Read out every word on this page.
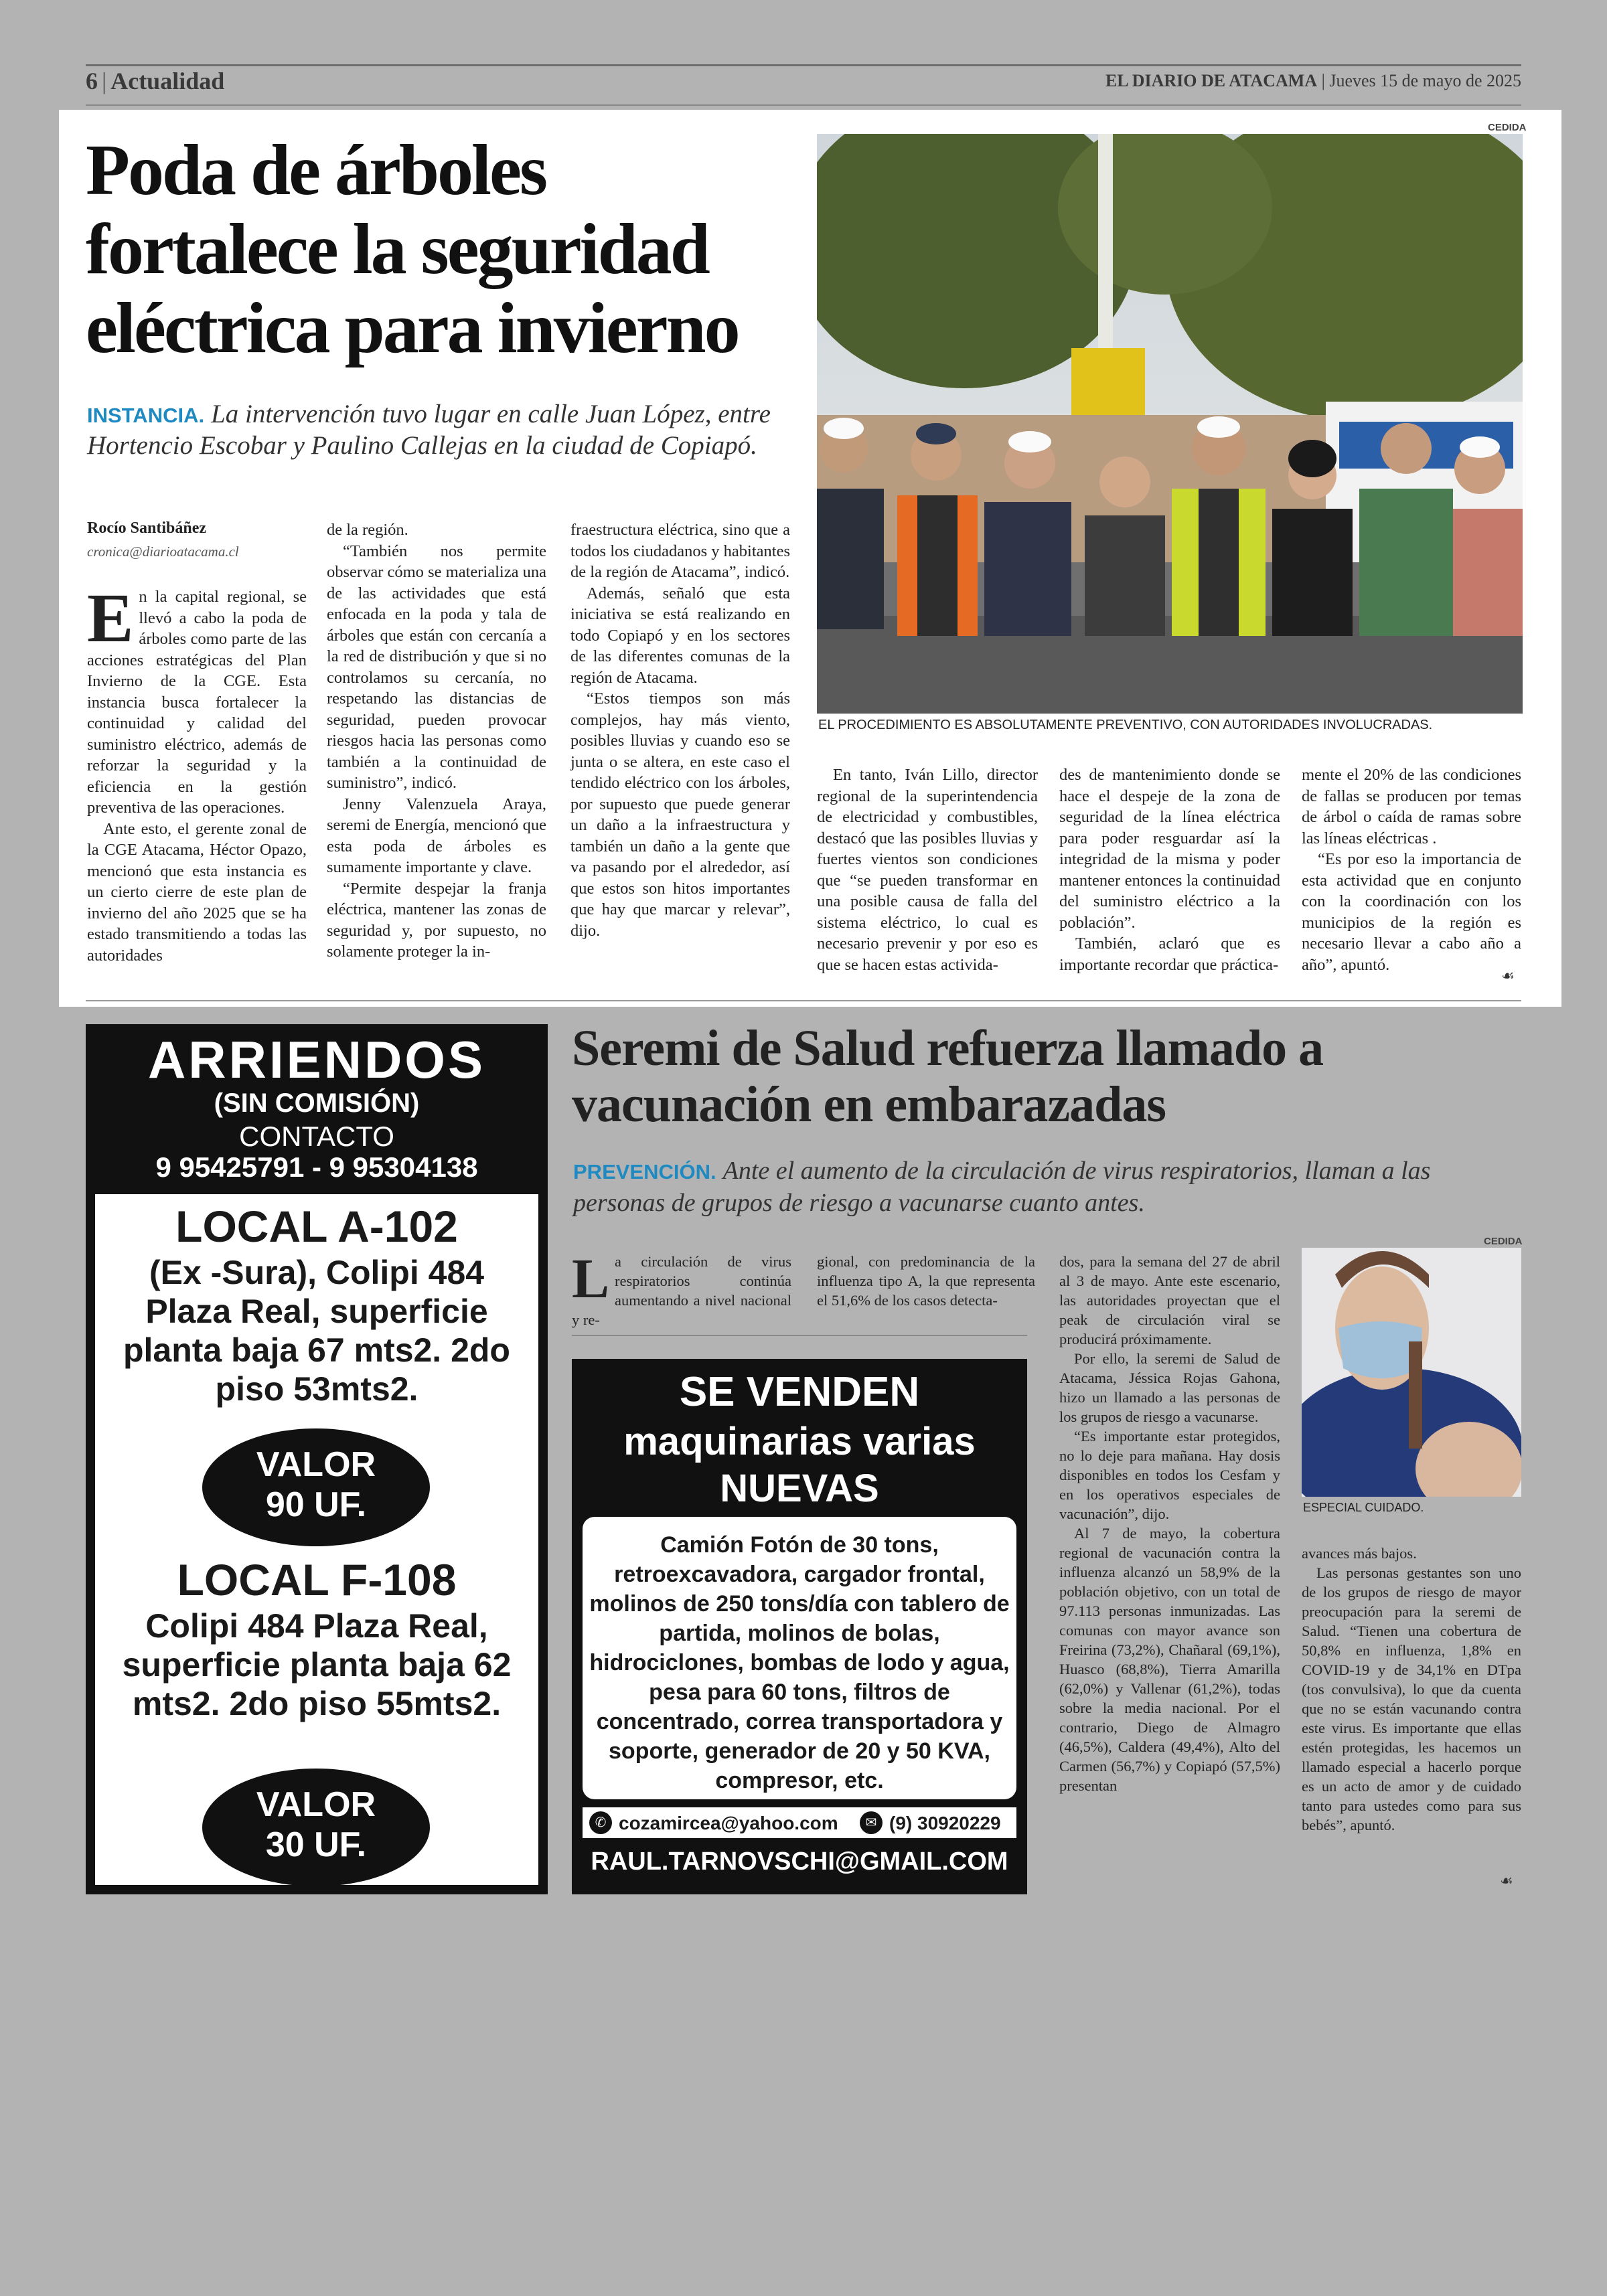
6 | Actualidad	EL DIARIO DE ATACAMA | Jueves 15 de mayo de 2025
Poda de árboles fortalece la seguridad eléctrica para invierno
INSTANCIA. La intervención tuvo lugar en calle Juan López, entre Hortencio Escobar y Paulino Callejas en la ciudad de Copiapó.
CEDIDA
EL PROCEDIMIENTO ES ABSOLUTAMENTE PREVENTIVO, CON AUTORIDADES INVOLUCRADAS.
Rocío Santibáñez
cronica@diarioatacama.cl
E n la capital regional, se llevó a cabo la poda de árboles como parte de las acciones estratégicas del Plan Invierno de la CGE. Esta instancia busca fortalecer la continuidad y calidad del suministro eléctrico, además de reforzar la seguridad y la eficiencia en la gestión preventiva de las operaciones.

Ante esto, el gerente zonal de la CGE Atacama, Héctor Opazo, mencionó que esta instancia es un cierto cierre de este plan de invierno del año 2025 que se ha estado transmitiendo a todas las autoridades

de la región.

“También nos permite observar cómo se materializa una de las actividades que está enfocada en la poda y tala de árboles que están con cercanía a la red de distribución y que si no controlamos su cercanía, no respetando las distancias de seguridad, pueden provocar riesgos hacia las personas como también a la continuidad de suministro”, indicó.

Jenny Valenzuela Araya, seremi de Energía, mencionó que esta poda de árboles es sumamente importante y clave.

“Permite despejar la franja eléctrica, mantener las zonas de seguridad y, por supuesto, no solamente proteger la in-

fraestructura eléctrica, sino que a todos los ciudadanos y habitantes de la región de Atacama”, indicó.

Además, señaló que esta iniciativa se está realizando en todo Copiapó y en los sectores de las diferentes comunas de la región de Atacama.

“Estos tiempos son más complejos, hay más viento, posibles lluvias y cuando eso se junta o se altera, en este caso el tendido eléctrico con los árboles, por supuesto que puede generar un daño a la infraestructura y también un daño a la gente que va pasando por el alrededor, así que estos son hitos importantes que hay que marcar y relevar”, dijo.

En tanto, Iván Lillo, director regional de la superintendencia de electricidad y combustibles, destacó que las posibles lluvias y fuertes vientos son condiciones que “se pueden transformar en una posible causa de falla del sistema eléctrico, lo cual es necesario prevenir y por eso es que se hacen estas activida-

des de mantenimiento donde se hace el despeje de la zona de seguridad de la línea eléctrica para poder resguardar así la integridad de la misma y poder mantener entonces la continuidad del suministro eléctrico a la población”.

También, aclaró que es importante recordar que práctica-

mente el 20% de las condiciones de fallas se producen por temas de árbol o caída de ramas sobre las líneas eléctricas .

“Es por eso la importancia de esta actividad que en conjunto con la coordinación con los municipios de la región es necesario llevar a cabo año a año”, apuntó.

☙
ARRIENDOS
(SIN COMISIÓN)
CONTACTO
9 95425791 - 9 95304138
LOCAL A-102
(Ex -Sura), Colipi 484 Plaza Real, superficie planta baja 67 mts2. 2do piso 53mts2.
VALOR
90 UF.
LOCAL F-108
Colipi 484 Plaza Real, superficie planta baja 62 mts2. 2do piso 55mts2.
VALOR
30 UF.
Seremi de Salud refuerza llamado a vacunación en embarazadas
PREVENCIÓN. Ante el aumento de la circulación de virus respiratorios, llaman a las personas de grupos de riesgo a vacunarse cuanto antes.
L a circulación de virus respiratorios continúa aumentando a nivel nacional y re-

gional, con predominancia de la influenza tipo A, la que representa el 51,6% de los casos detecta-

SE VENDEN
maquinarias varias
NUEVAS
Camión Fotón de 30 tons, retroexcavadora, cargador frontal, molinos de 250 tons/día con tablero de partida, molinos de bolas, hidrociclones, bombas de lodo y agua, pesa para 60 tons, filtros de concentrado, correa transportadora y soporte, generador de 20 y 50 KVA, compresor, etc.
✆ cozamircea@yahoo.com	✉ (9) 30920229
RAUL.TARNOVSCHI@GMAIL.COM

dos, para la semana del 27 de abril al 3 de mayo. Ante este escenario, las autoridades proyectan que el peak de circulación viral se producirá próximamente.

Por ello, la seremi de Salud de Atacama, Jéssica Rojas Gahona, hizo un llamado a las personas de los grupos de riesgo a vacunarse.

“Es importante estar protegidos, no lo deje para mañana. Hay dosis disponibles en todos los Cesfam y en los operativos especiales de vacunación”, dijo.

Al 7 de mayo, la cobertura regional de vacunación contra la influenza alcanzó un 58,9% de la población objetivo, con un total de 97.113 personas inmunizadas. Las comunas con mayor avance son Freirina (73,2%), Chañaral (69,1%), Huasco (68,8%), Tierra Amarilla (62,0%) y Vallenar (61,2%), todas sobre la media nacional. Por el contrario, Diego de Almagro (46,5%), Caldera (49,4%), Alto del Carmen (56,7%) y Copiapó (57,5%) presentan

CEDIDA
ESPECIAL CUIDADO.

avances más bajos.

Las personas gestantes son uno de los grupos de riesgo de mayor preocupación para la seremi de Salud. “Tienen una cobertura de 50,8% en influenza, 1,8% en COVID-19 y de 34,1% en DTpa (tos convulsiva), lo que da cuenta que no se están vacunando contra este virus. Es importante que ellas estén protegidas, les hacemos un llamado especial a hacerlo porque es un acto de amor y de cuidado tanto para ustedes como para sus bebés”, apuntó.

☙
